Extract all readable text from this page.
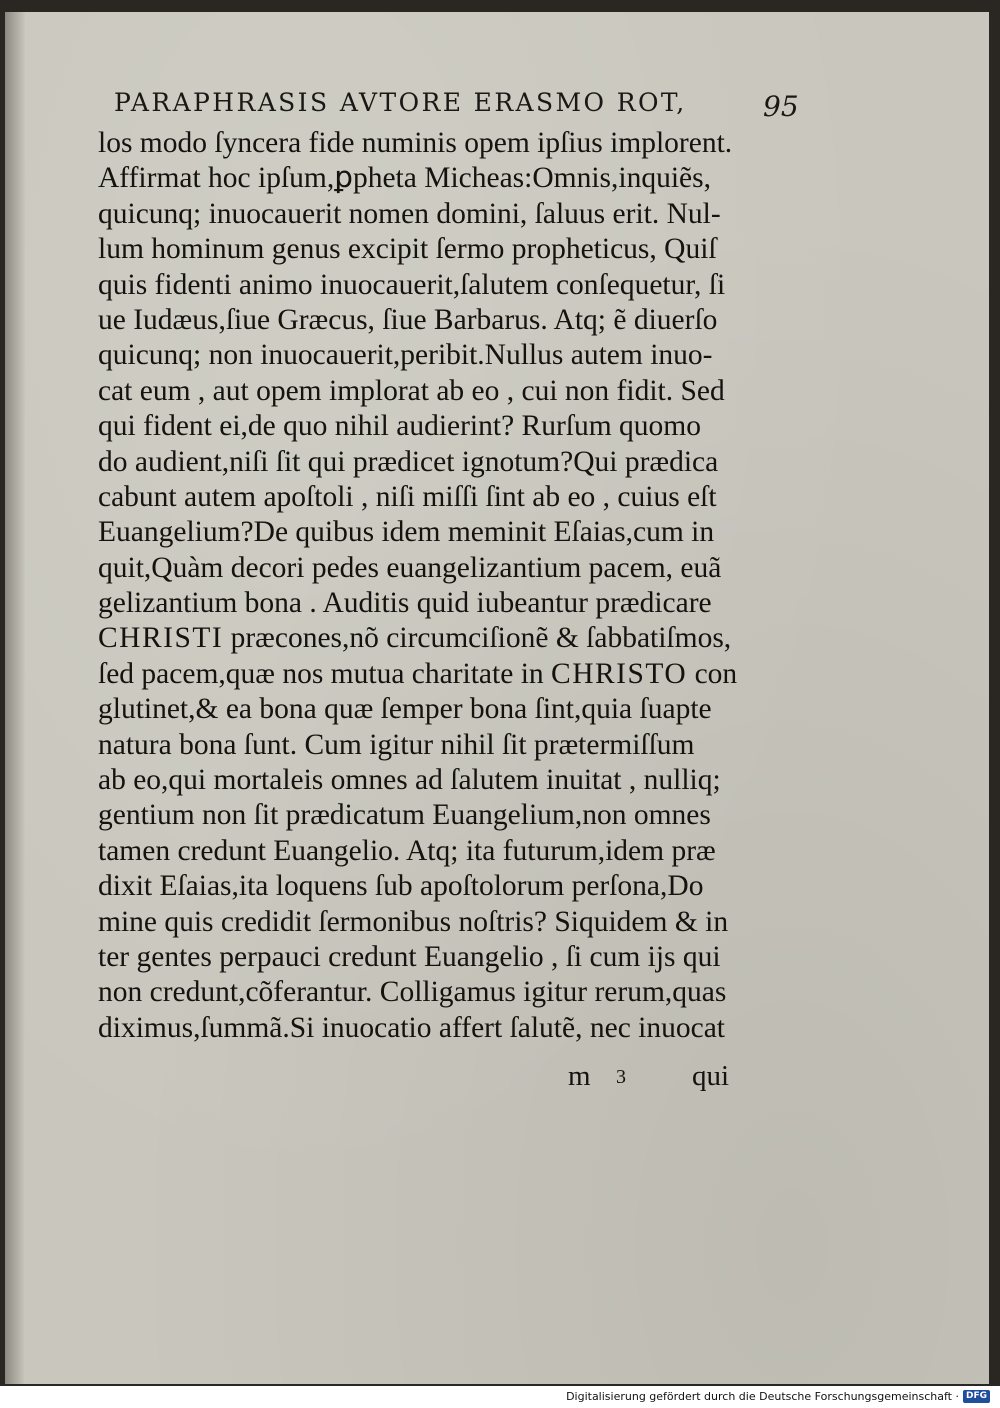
PARAPHRASIS AVTORE ERASMO ROT,	95
los modo ſyncera fide numinis opem ipſius implorent.
Affirmat hoc ipſum,ꝑpheta Micheas:Omnis,inquiẽs,
quicunq; inuocauerit nomen domini, ſaluus erit. Nul-
lum hominum genus excipit ſermo propheticus, Quiſ
quis fidenti animo inuocauerit,ſalutem conſequetur, ſi
ue Iudæus,ſiue Græcus, ſiue Barbarus. Atq; ẽ diuerſo
quicunq; non inuocauerit,peribit.Nullus autem inuo-
cat eum , aut opem implorat ab eo , cui non fidit. Sed
qui fident ei,de quo nihil audierint? Rurſum quomo
do audient,niſi ſit qui prædicet ignotum?Qui prædica
cabunt autem apoſtoli , niſi miſſi ſint ab eo , cuius eſt
Euangelium?De quibus idem meminit Eſaias,cum in
quit,Quàm decori pedes euangelizantium pacem, euã
gelizantium bona . Auditis quid iubeantur prædicare
CHRISTI præcones,nõ circumciſionẽ & ſabbatiſmos,
ſed pacem,quæ nos mutua charitate in CHRISTO con
glutinet,& ea bona quæ ſemper bona ſint,quia ſuapte
natura bona ſunt. Cum igitur nihil ſit prætermiſſum
ab eo,qui mortaleis omnes ad ſalutem inuitat , nulliq;
gentium non ſit prædicatum Euangelium,non omnes
tamen credunt Euangelio. Atq; ita futurum,idem præ
dixit Eſaias,ita loquens ſub apoſtolorum perſona,Do
mine quis credidit ſermonibus noſtris? Siquidem & in
ter gentes perpauci credunt Euangelio , ſi cum ijs qui
non credunt,cõferantur. Colligamus igitur rerum,quas
diximus,ſummã.Si inuocatio affert ſalutẽ, nec inuocat
m 3 qui
Digitalisierung gefördert durch die Deutsche Forschungsgemeinschaft · DFG
